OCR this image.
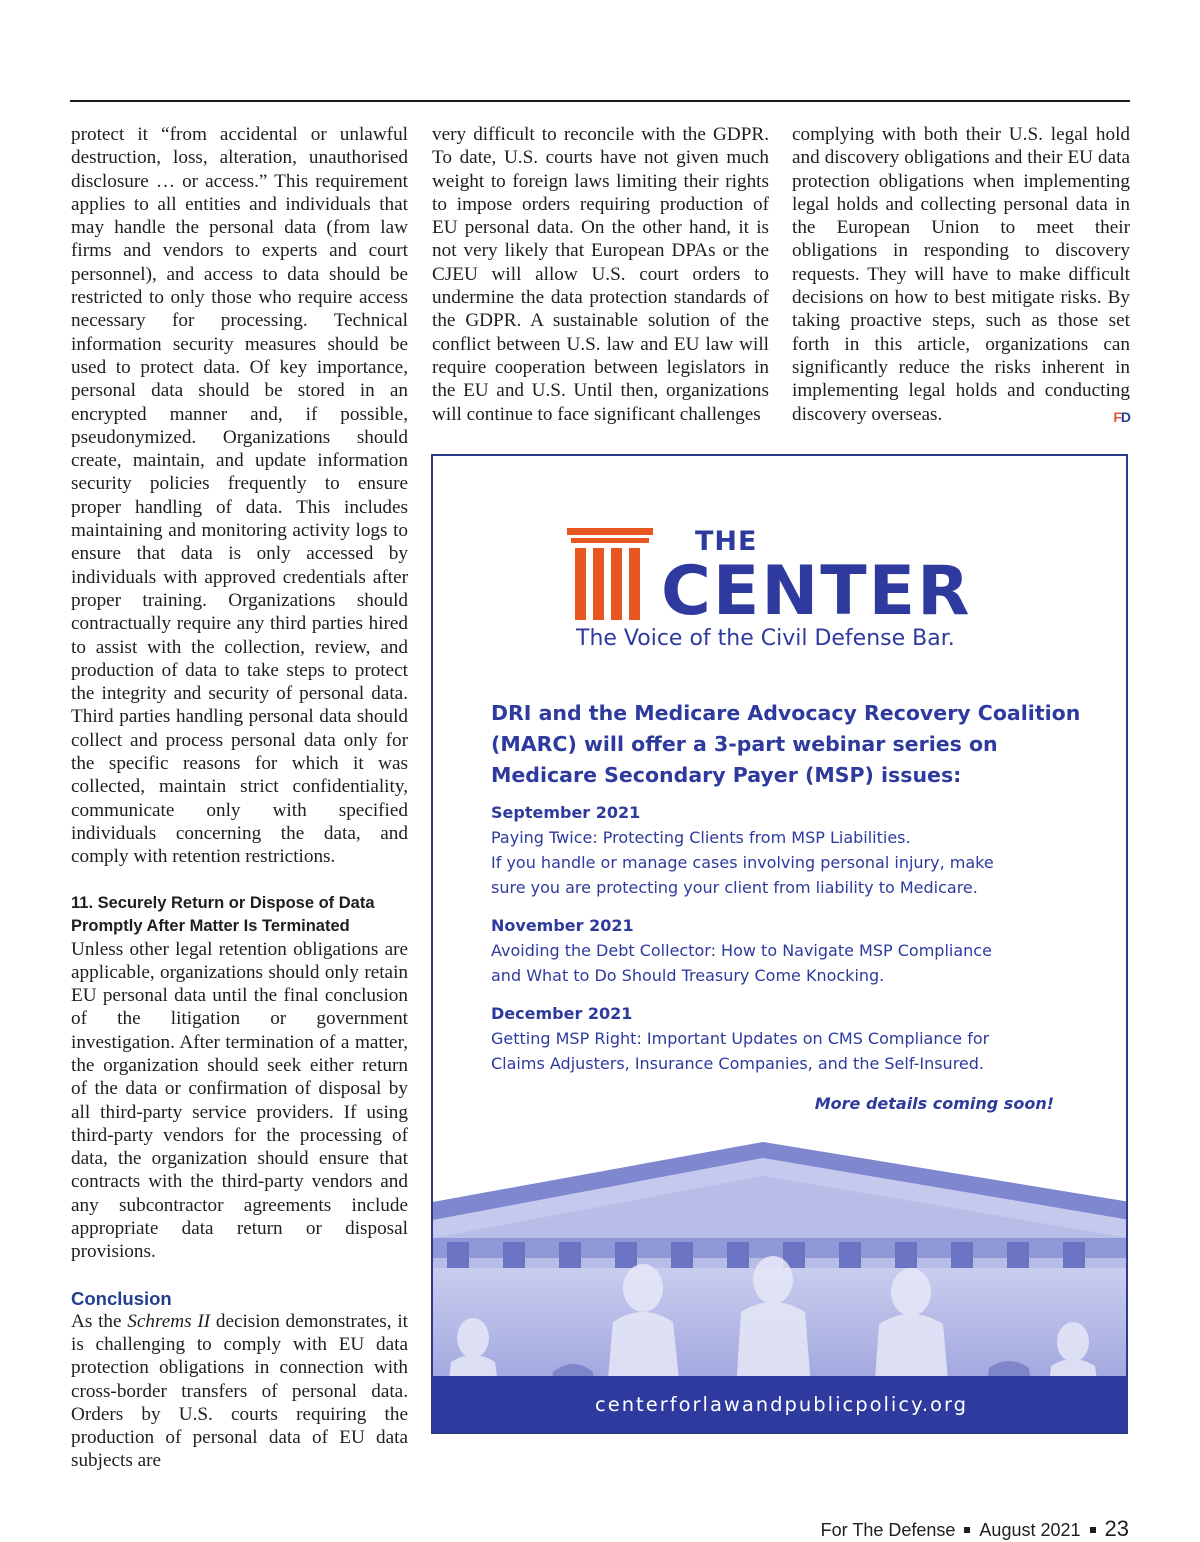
protect it “from accidental or unlawful destruction, loss, alteration, unauthorised disclosure … or access.” This requirement applies to all entities and individuals that may handle the personal data (from law firms and vendors to experts and court personnel), and access to data should be restricted to only those who require access necessary for processing. Technical information security measures should be used to protect data. Of key importance, personal data should be stored in an encrypted manner and, if possible, pseudonymized. Organizations should create, maintain, and update information security policies frequently to ensure proper handling of data. This includes maintaining and monitoring activity logs to ensure that data is only accessed by individuals with approved credentials after proper training. Organizations should contractually require any third parties hired to assist with the collection, review, and production of data to take steps to protect the integrity and security of personal data. Third parties handling personal data should collect and process personal data only for the specific reasons for which it was collected, maintain strict confidentiality, communicate only with specified individuals concerning the data, and comply with retention restrictions.

11. Securely Return or Dispose of Data Promptly After Matter Is Terminated

Unless other legal retention obligations are applicable, organizations should only retain EU personal data until the final conclusion of the litigation or government investigation. After termination of a matter, the organization should seek either return of the data or confirmation of disposal by all third-party service providers. If using third-party vendors for the processing of data, the organization should ensure that contracts with the third-party vendors and any subcontractor agreements include appropriate data return or disposal provisions.

Conclusion

As the Schrems II decision demonstrates, it is challenging to comply with EU data protection obligations in connection with cross-border transfers of personal data. Orders by U.S. courts requiring the production of personal data of EU data subjects are

very difficult to reconcile with the GDPR. To date, U.S. courts have not given much weight to foreign laws limiting their rights to impose orders requiring production of EU personal data. On the other hand, it is not very likely that European DPAs or the CJEU will allow U.S. court orders to undermine the data protection standards of the GDPR. A sustainable solution of the conflict between U.S. law and EU law will require cooperation between legislators in the EU and U.S. Until then, organizations will continue to face significant challenges

complying with both their U.S. legal hold and discovery obligations and their EU data protection obligations when implementing legal holds and collecting personal data in the European Union to meet their obligations in responding to discovery requests. They will have to make difficult decisions on how to best mitigate risks. By taking proactive steps, such as those set forth in this article, organizations can significantly reduce the risks inherent in implementing legal holds and conducting discovery overseas.	FD

THE
CENTER
The Voice of the Civil Defense Bar.
DRI and the Medicare Advocacy Recovery Coalition (MARC) will offer a 3-part webinar series on Medicare Secondary Payer (MSP) issues:
September 2021
Paying Twice: Protecting Clients from MSP Liabilities.
If you handle or manage cases involving personal injury, make
sure you are protecting your client from liability to Medicare.
November 2021
Avoiding the Debt Collector: How to Navigate MSP Compliance
and What to Do Should Treasury Come Knocking.
December 2021
Getting MSP Right: Important Updates on CMS Compliance for
Claims Adjusters, Insurance Companies, and the Self-Insured.
More details coming soon!
centerforlawandpublicpolicy.org
For The Defense August 2021 23
